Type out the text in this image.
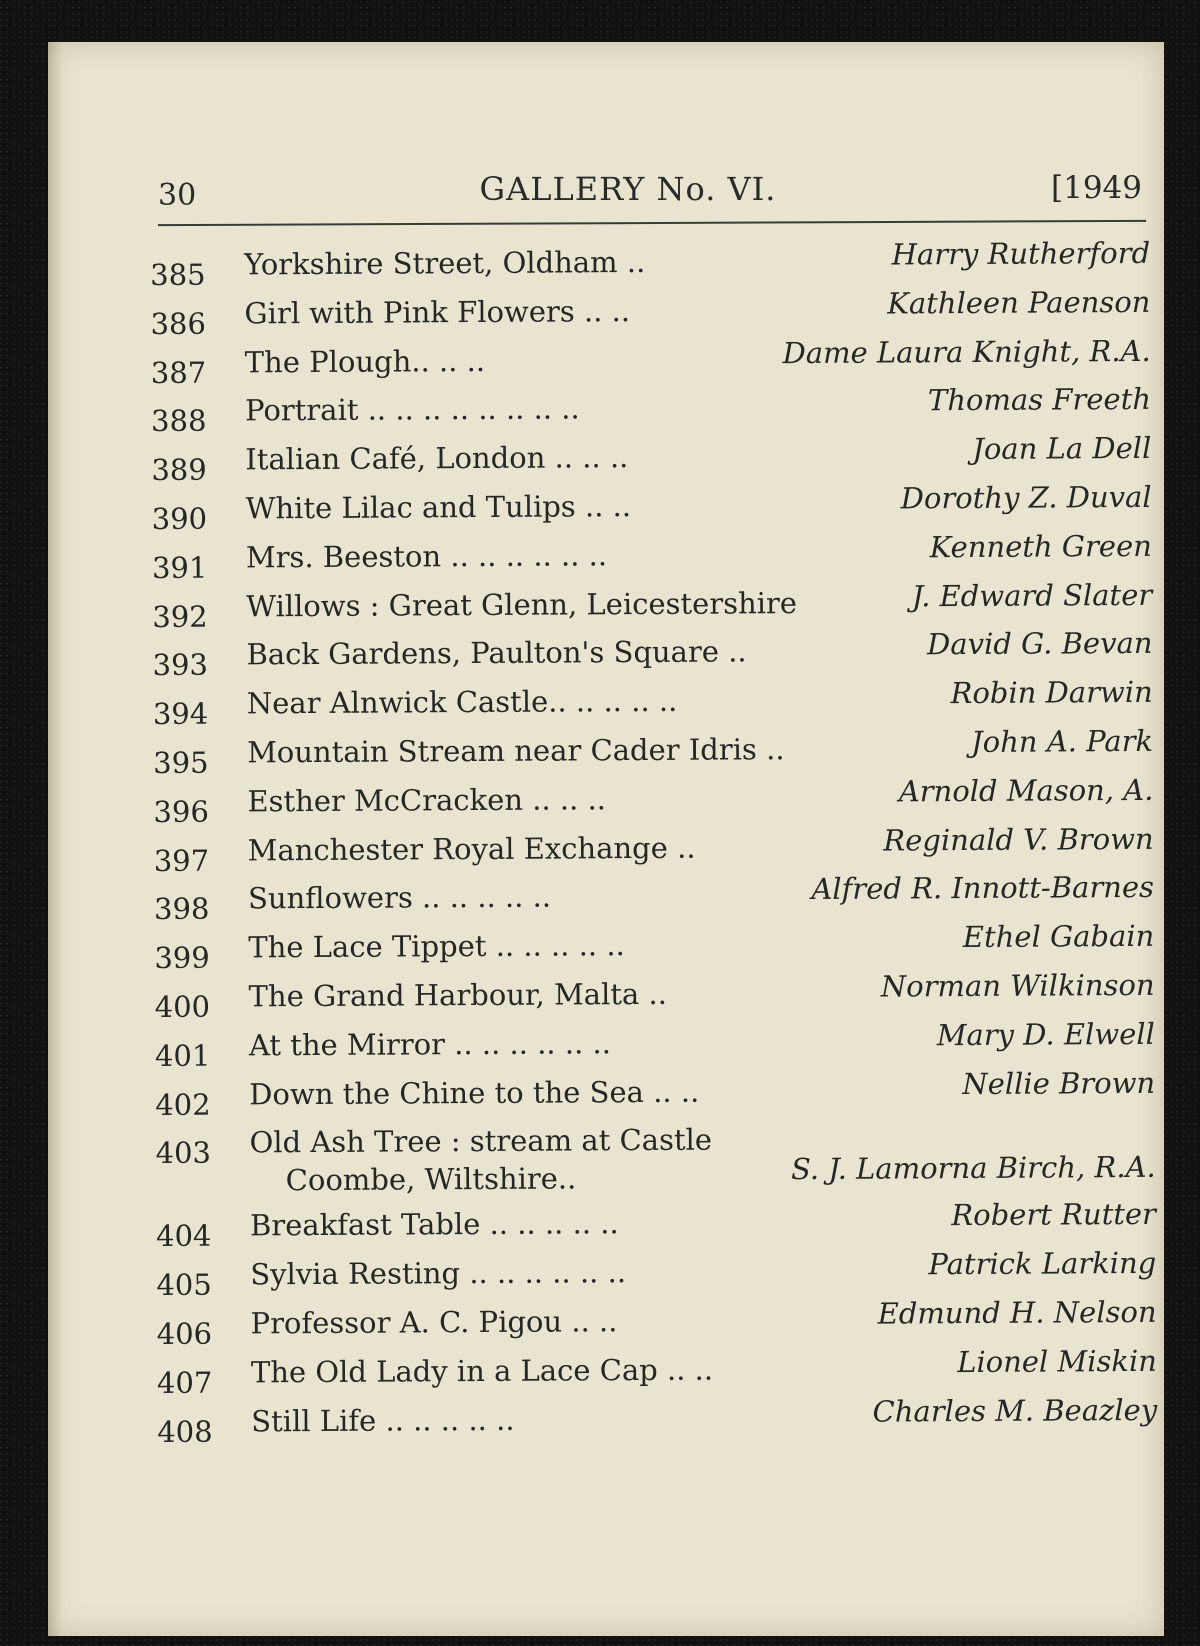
30	GALLERY No. VI.	[1949
385	Yorkshire Street, Oldham ..	Harry Rutherford
386	Girl with Pink Flowers .. ..	Kathleen Paenson
387	The Plough.. .. ..	Dame Laura Knight, R.A.
388	Portrait .. .. .. .. .. .. .. ..	Thomas Freeth
389	Italian Café, London .. .. ..	Joan La Dell
390	White Lilac and Tulips .. ..	Dorothy Z. Duval
391	Mrs. Beeston .. .. .. .. .. ..	Kenneth Green
392	Willows : Great Glenn, Leicestershire	J. Edward Slater
393	Back Gardens, Paulton's Square ..	David G. Bevan
394	Near Alnwick Castle.. .. .. .. ..	Robin Darwin
395	Mountain Stream near Cader Idris ..	John A. Park
396	Esther McCracken .. .. ..	Arnold Mason, A.
397	Manchester Royal Exchange ..	Reginald V. Brown
398	Sunflowers .. .. .. .. ..	Alfred R. Innott-Barnes
399	The Lace Tippet .. .. .. .. ..	Ethel Gabain
400	The Grand Harbour, Malta ..	Norman Wilkinson
401	At the Mirror .. .. .. .. .. ..	Mary D. Elwell
402	Down the Chine to the Sea .. ..	Nellie Brown
403	Old Ash Tree : stream at Castle
Coombe, Wiltshire..	S. J. Lamorna Birch, R.A.
404	Breakfast Table .. .. .. .. ..	Robert Rutter
405	Sylvia Resting .. .. .. .. .. ..	Patrick Larking
406	Professor A. C. Pigou .. ..	Edmund H. Nelson
407	The Old Lady in a Lace Cap .. ..	Lionel Miskin
408	Still Life .. .. .. .. ..	Charles M. Beazley
